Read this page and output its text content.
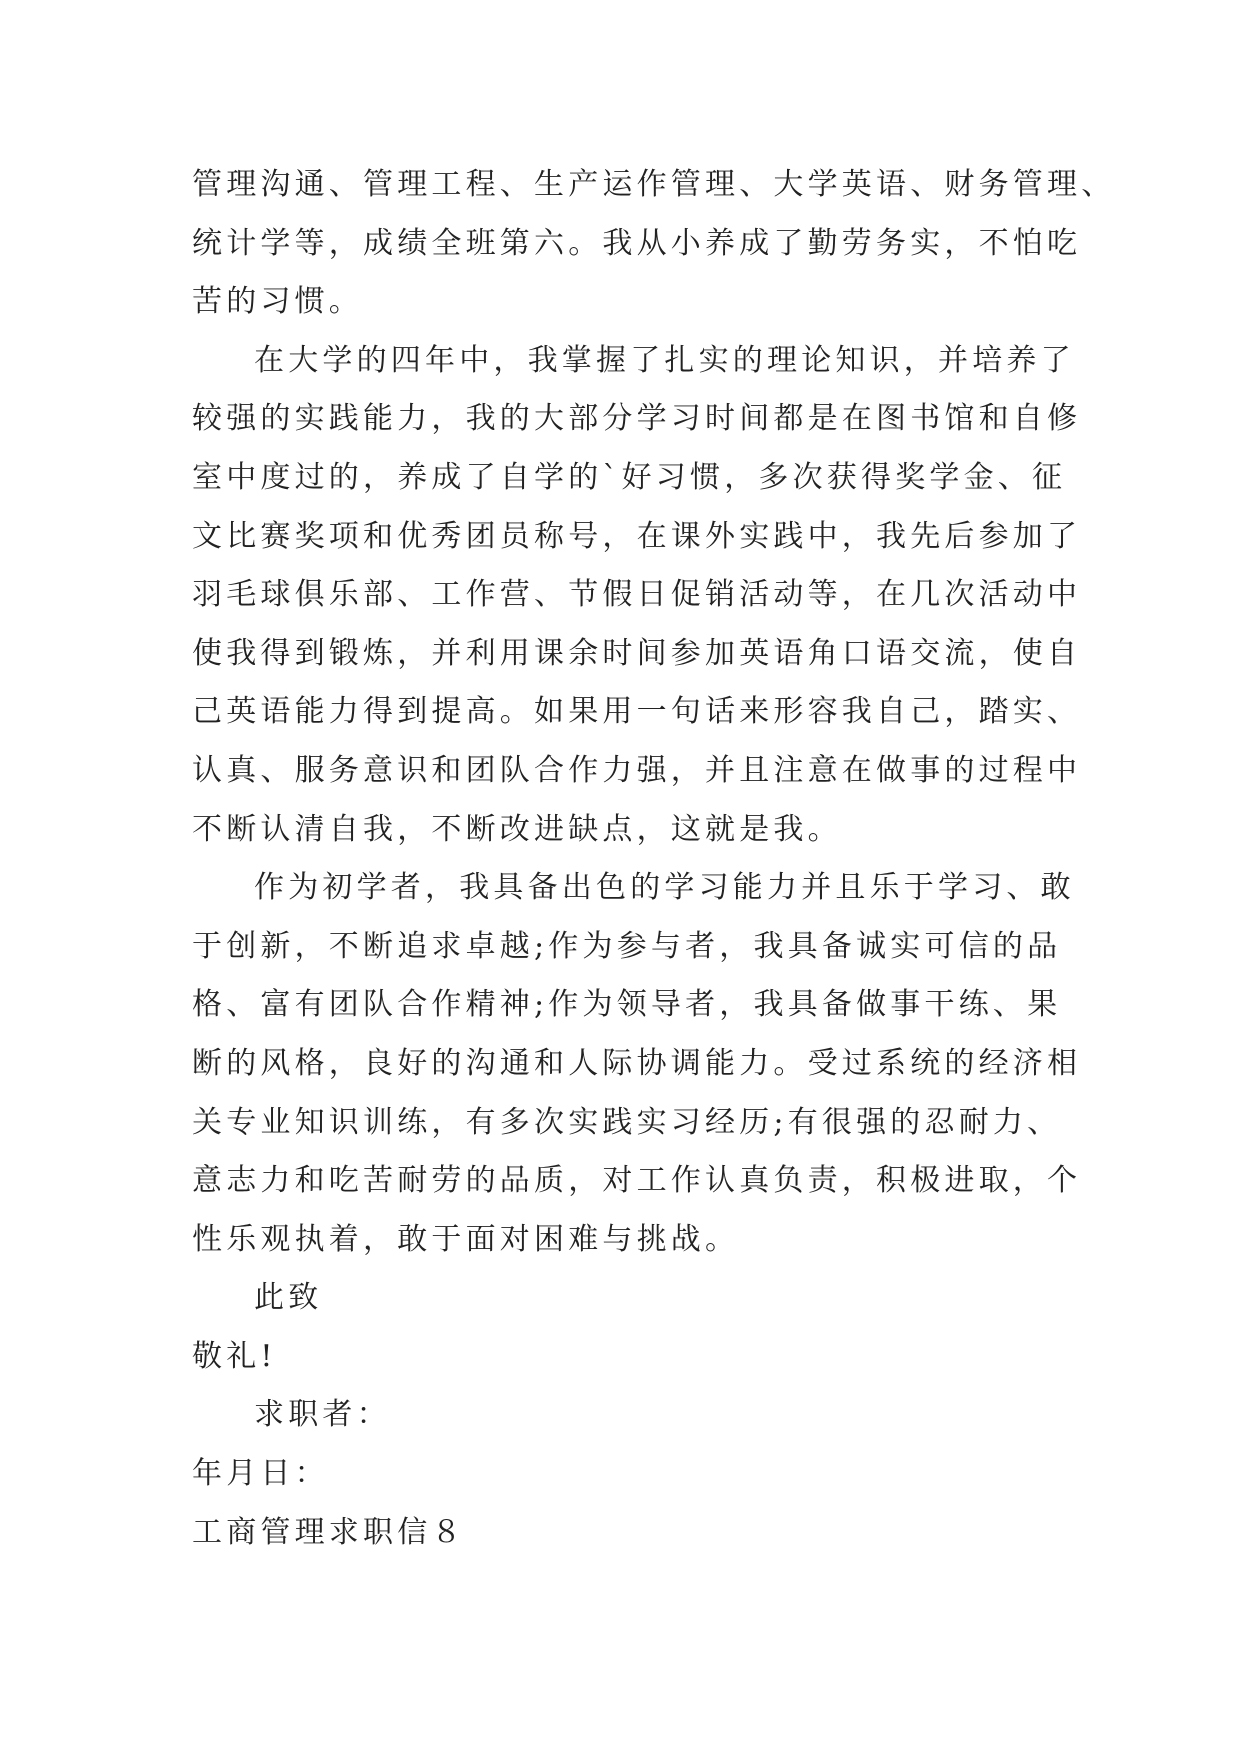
管理沟通、管理工程、生产运作管理、大学英语、财务管理、
统计学等，成绩全班第六。我从小养成了勤劳务实，不怕吃
苦的习惯。
在大学的四年中，我掌握了扎实的理论知识，并培养了
较强的实践能力，我的大部分学习时间都是在图书馆和自修
室中度过的，养成了自学的`好习惯，多次获得奖学金、征
文比赛奖项和优秀团员称号，在课外实践中，我先后参加了
羽毛球俱乐部、工作营、节假日促销活动等，在几次活动中
使我得到锻炼，并利用课余时间参加英语角口语交流，使自
己英语能力得到提高。如果用一句话来形容我自己，踏实、
认真、服务意识和团队合作力强，并且注意在做事的过程中
不断认清自我，不断改进缺点，这就是我。
作为初学者，我具备出色的学习能力并且乐于学习、敢
于创新，不断追求卓越;作为参与者，我具备诚实可信的品
格、富有团队合作精神;作为领导者，我具备做事干练、果
断的风格，良好的沟通和人际协调能力。受过系统的经济相
关专业知识训练，有多次实践实习经历;有很强的忍耐力、
意志力和吃苦耐劳的品质，对工作认真负责，积极进取，个
性乐观执着，敢于面对困难与挑战。
此致
敬礼!
求职者：
年月日：
工商管理求职信８
